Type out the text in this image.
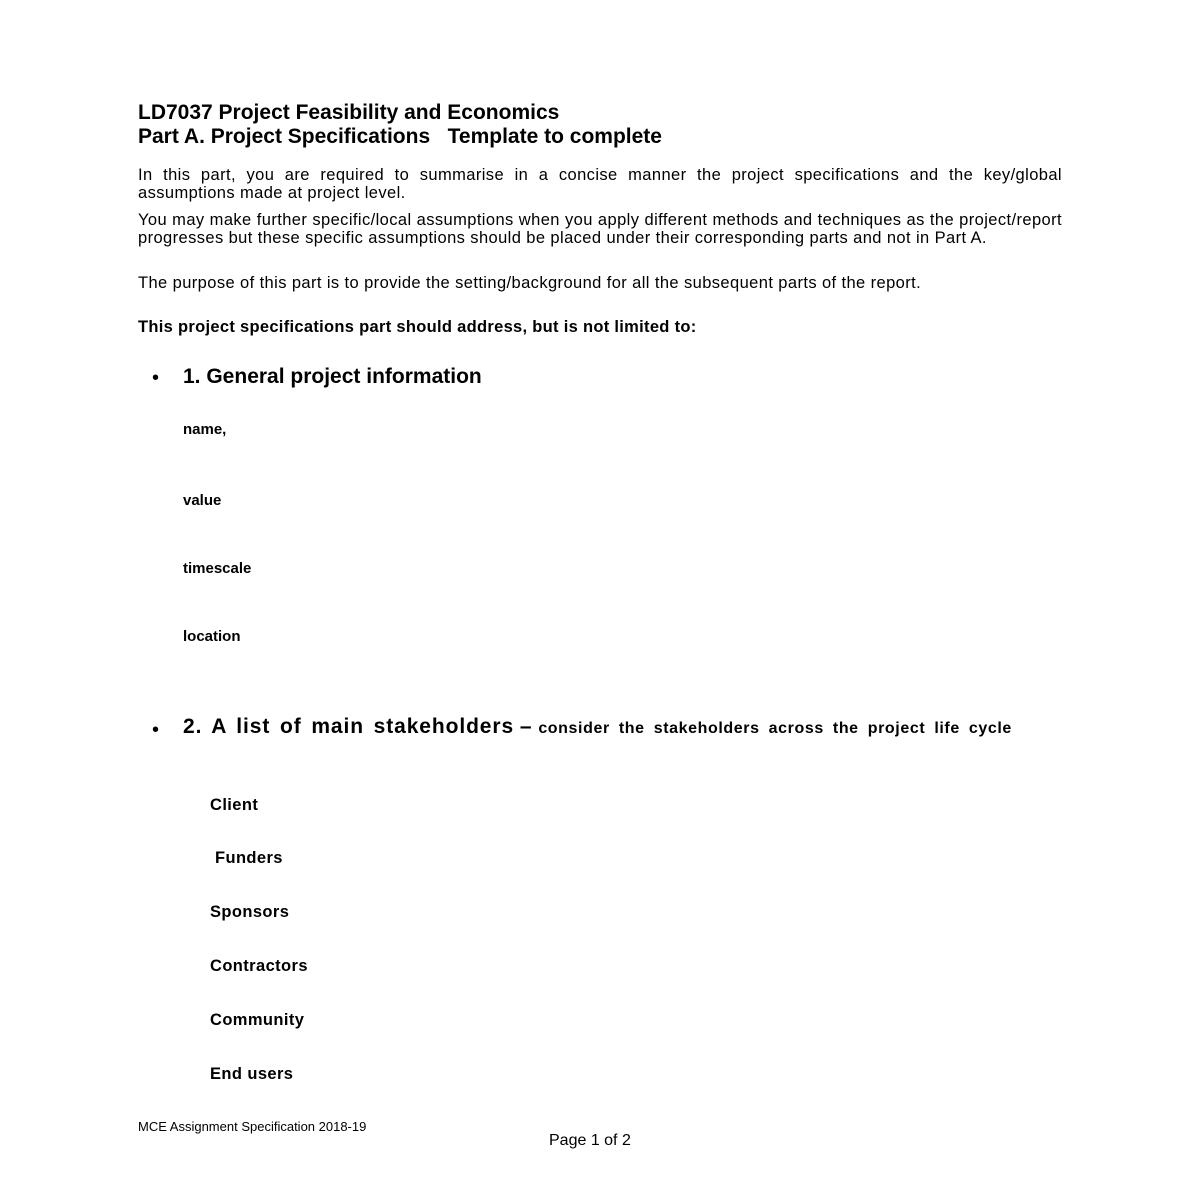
LD7037 Project Feasibility and Economics
Part A. Project Specifications   Template to complete
In this part, you are required to summarise in a concise manner the project specifications and the key/global assumptions made at project level.
You may make further specific/local assumptions when you apply different methods and techniques as the project/report progresses but these specific assumptions should be placed under their corresponding parts and not in Part A.
The purpose of this part is to provide the setting/background for all the subsequent parts of the report.
This project specifications part should address, but is not limited to:
• 1. General project information
name,
value
timescale
location
• 2. A list of main stakeholders – consider the stakeholders across the project life cycle
Client
Funders
Sponsors
Contractors
Community
End users
MCE Assignment Specification 2018-19
Page 1 of 2
